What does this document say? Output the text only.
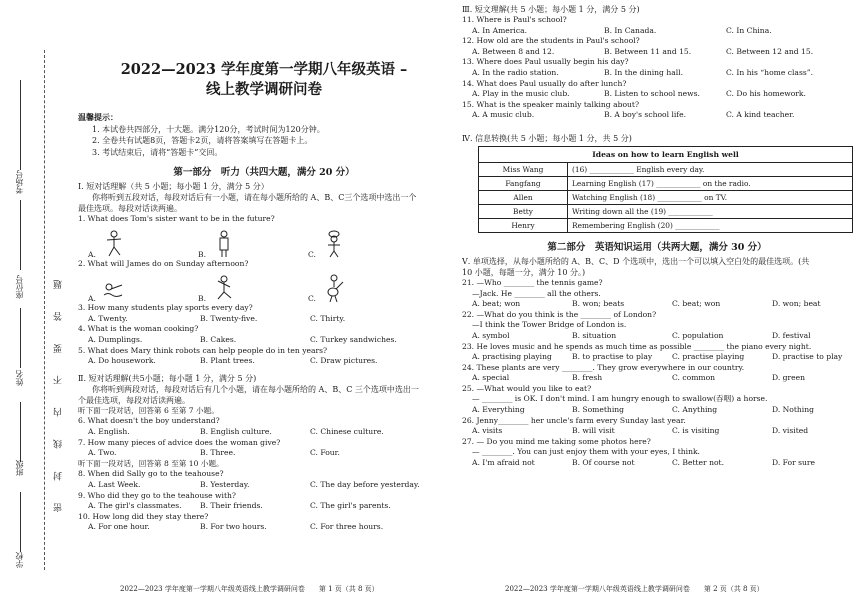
考场号
座位号
姓名
班级
学校
密 封 线 内 不 要 答 题
2022—2023 学年度第一学期八年级英语 –
线上教学调研问卷
温馨提示：
1. 本试卷共四部分，十大题。满分120分，考试时间为120分钟。
2. 全卷共有试题8页，答题卡2页，请将答案填写在答题卡上。
3. 考试结束后，请将“答题卡”交回。
第一部分　听力（共四大题，满分 20 分）
Ⅰ. 短对话理解（共 5 小题；每小题 1 分，满分 5 分）
你将听到五段对话，每段对话后有一小题，请在每小题所给的 A、B、C三个选项中选出一个
最佳选项。每段对话读两遍。
1. What does Tom's sister want to be in the future?
A.	B.	C.
2. What will James do on Sunday afternoon?
A.	B.	C.
3. How many students play sports every day?
A. Twenty.	B. Twenty-five.	C. Thirty.
4. What is the woman cooking?
A. Dumplings.	B. Cakes.	C. Turkey sandwiches.
5. What does Mary think robots can help people do in ten years?
A. Do housework.	B. Plant trees.	C. Draw pictures.
Ⅱ. 短对话理解(共5小题；每小题 1 分，满分 5 分)
你将听到两段对话，每段对话后有几个小题，请在每小题所给的 A、B、C 三个选项中选出一
个最佳选项，每段对话读两遍。
听下面一段对话，回答第 6 至第 7 小题。
6. What doesn't the boy understand?
A. English.	B. English culture.	C. Chinese culture.
7. How many pieces of advice does the woman give?
A. Two.	B. Three.	C. Four.
听下面一段对话，回答第 8 至第 10 小题。
8. When did Sally go to the teahouse?
A. Last Week.	B. Yesterday.	C. The day before yesterday.
9. Who did they go to the teahouse with?
A. The girl's classmates.	B. Their friends.	C. The girl's parents.
10. How long did they stay there?
A. For one hour.	B. For two hours.	C. For three hours.
Ⅲ. 短文理解(共 5 小题；每小题 1 分，满分 5 分)
11. Where is Paul's school?
A. In America.	B. In Canada.	C. In China.
12. How old are the students in Paul's school?
A. Between 8 and 12.	B. Between 11 and 15.	C. Between 12 and 15.
13. Where does Paul usually begin his day?
A. In the radio station.	B. In the dining hall.	C. In his “home class”.
14. What does Paul usually do after lunch?
A. Play in the music club.	B. Listen to school news.	C. Do his homework.
15. What is the speaker mainly talking about?
A. A music club.	B. A boy's school life.	C. A kind teacher.
Ⅳ. 信息转换(共 5 小题；每小题 1 分，共 5 分)
Ideas on how to learn English well	
Miss Wang	(16) ____________ English every day.
Fangfang	Learning English (17) ____________ on the radio.
Allen	Watching English (18) ____________ on TV.
Betty	Writing down all the (19) ____________
Henry	Remembering English (20) ____________
第二部分　英语知识运用（共两大题，满分 30 分）
Ⅴ. 单项选择，从每小题所给的 A、B、C、D 个选项中，选出一个可以填入空白处的最佳选项。(共
10 小题，每题一分，满分 10 分。)
21. —Who ________ the tennis game?
—Jack. He ________ all the others.
A. beat; won	B. won; beats	C. beat; won	D. won; beat
22. —What do you think is the ________ of London?
—I think the Tower Bridge of London is.
A. symbol	B. situation	C. population	D. festival
23. He loves music and he spends as much time as possible ________ the piano every night.
A. practising playing	B. to practise to play	C. practise playing	D. practise to play
24. These plants are very ________. They grow everywhere in our country.
A. special	B. fresh	C. common	D. green
25. —What would you like to eat?
— ________ is OK. I don't mind. I am hungry enough to swallow(吞咽) a horse.
A. Everything	B. Something	C. Anything	D. Nothing
26. Jenny________ her uncle's farm every Sunday last year.
A. visits	B. will visit	C. is visiting	D. visited
27. — Do you mind me taking some photos here?
— ________. You can just enjoy them with your eyes, I think.
A. I'm afraid not	B. Of course not	C. Better not.	D. For sure
2022—2023 学年度第一学期八年级英语线上教学调研问卷　　第 1 页（共 8 页）	2022—2023 学年度第一学期八年级英语线上教学调研问卷　　第 2 页（共 8 页）
